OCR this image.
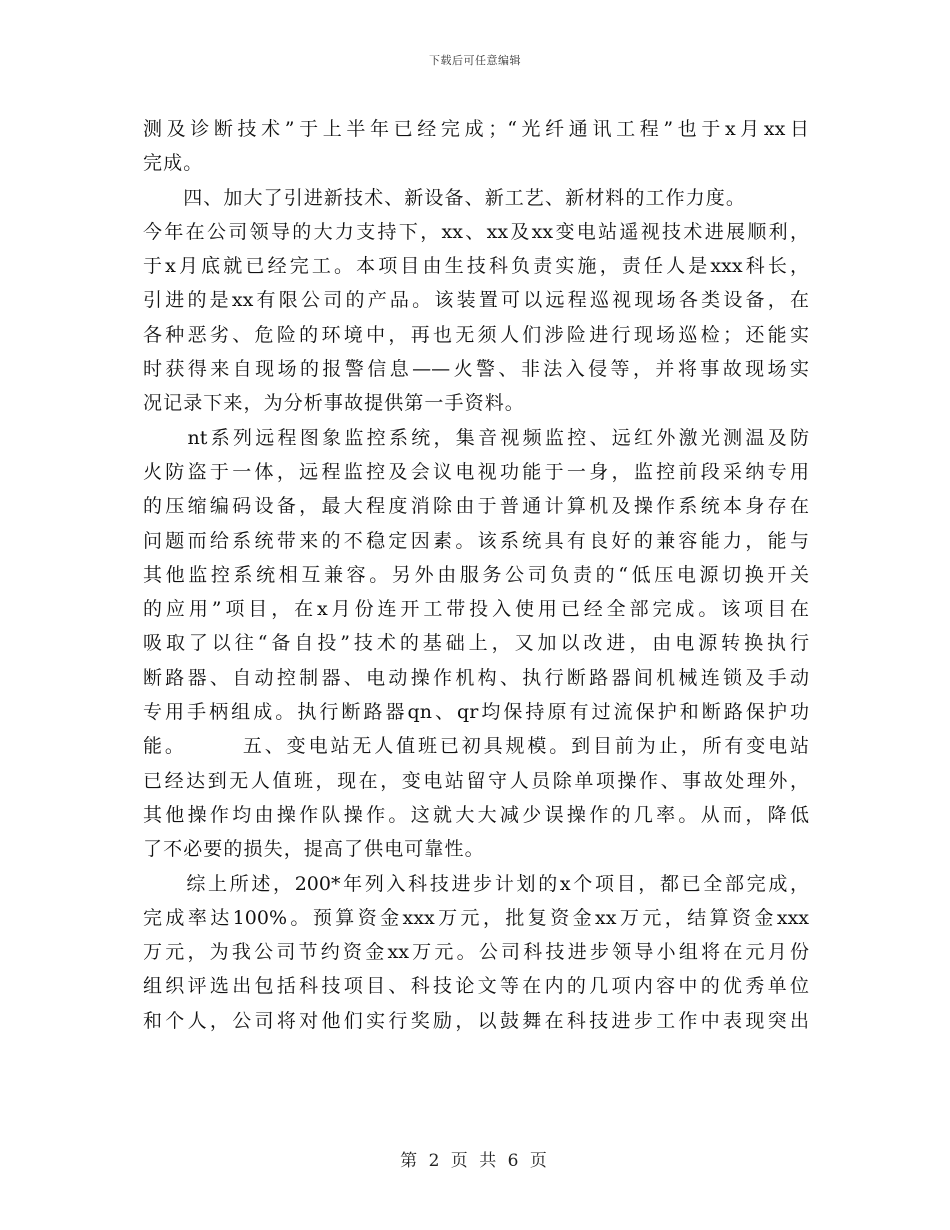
下载后可任意编辑
测及诊断技术”于上半年已经完成；“光纤通讯工程”也于x月xx日
完成。
　　四、加大了引进新技术、新设备、新工艺、新材料的工作力度。
今年在公司领导的大力支持下，xx、xx及xx变电站遥视技术进展顺利，
于x月底就已经完工。本项目由生技科负责实施，责任人是xxx科长，
引进的是xx有限公司的产品。该装置可以远程巡视现场各类设备，在
各种恶劣、危险的环境中，再也无须人们涉险进行现场巡检；还能实
时获得来自现场的报警信息——火警、非法入侵等，并将事故现场实
况记录下来，为分析事故提供第一手资料。
　　nt系列远程图象监控系统，集音视频监控、远红外激光测温及防
火防盗于一体，远程监控及会议电视功能于一身，监控前段采纳专用
的压缩编码设备，最大程度消除由于普通计算机及操作系统本身存在
问题而给系统带来的不稳定因素。该系统具有良好的兼容能力，能与
其他监控系统相互兼容。另外由服务公司负责的“低压电源切换开关
的应用”项目，在x月份连开工带投入使用已经全部完成。该项目在
吸取了以往“备自投”技术的基础上，又加以改进，由电源转换执行
断路器、自动控制器、电动操作机构、执行断路器间机械连锁及手动
专用手柄组成。执行断路器qn、qr均保持原有过流保护和断路保护功
能。　　　五、变电站无人值班已初具规模。到目前为止，所有变电站
已经达到无人值班，现在，变电站留守人员除单项操作、事故处理外，
其他操作均由操作队操作。这就大大减少误操作的几率。从而，降低
了不必要的损失，提高了供电可靠性。
　　综上所述，200*年列入科技进步计划的x个项目，都已全部完成，
完成率达100%。预算资金xxx万元，批复资金xx万元，结算资金xxx
万元，为我公司节约资金xx万元。公司科技进步领导小组将在元月份
组织评选出包括科技项目、科技论文等在内的几项内容中的优秀单位
和个人，公司将对他们实行奖励，以鼓舞在科技进步工作中表现突出
第 2 页 共 6 页
